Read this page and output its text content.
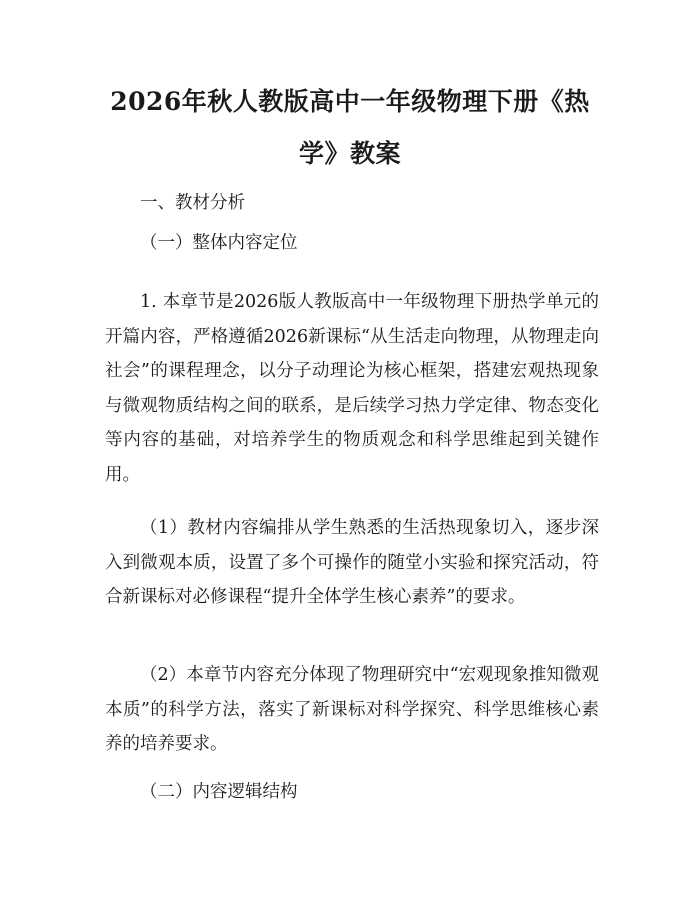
2026年秋人教版高中一年级物理下册《热学》教案

一、教材分析

（一）整体内容定位

1. 本章节是2026版人教版高中一年级物理下册热学单元的开篇内容，严格遵循2026新课标“从生活走向物理，从物理走向社会”的课程理念，以分子动理论为核心框架，搭建宏观热现象与微观物质结构之间的联系，是后续学习热力学定律、物态变化等内容的基础，对培养学生的物质观念和科学思维起到关键作用。

（1）教材内容编排从学生熟悉的生活热现象切入，逐步深入到微观本质，设置了多个可操作的随堂小实验和探究活动，符合新课标对必修课程“提升全体学生核心素养”的要求。

（2）本章节内容充分体现了物理研究中“宏观现象推知微观本质”的科学方法，落实了新课标对科学探究、科学思维核心素养的培养要求。

（二）内容逻辑结构
